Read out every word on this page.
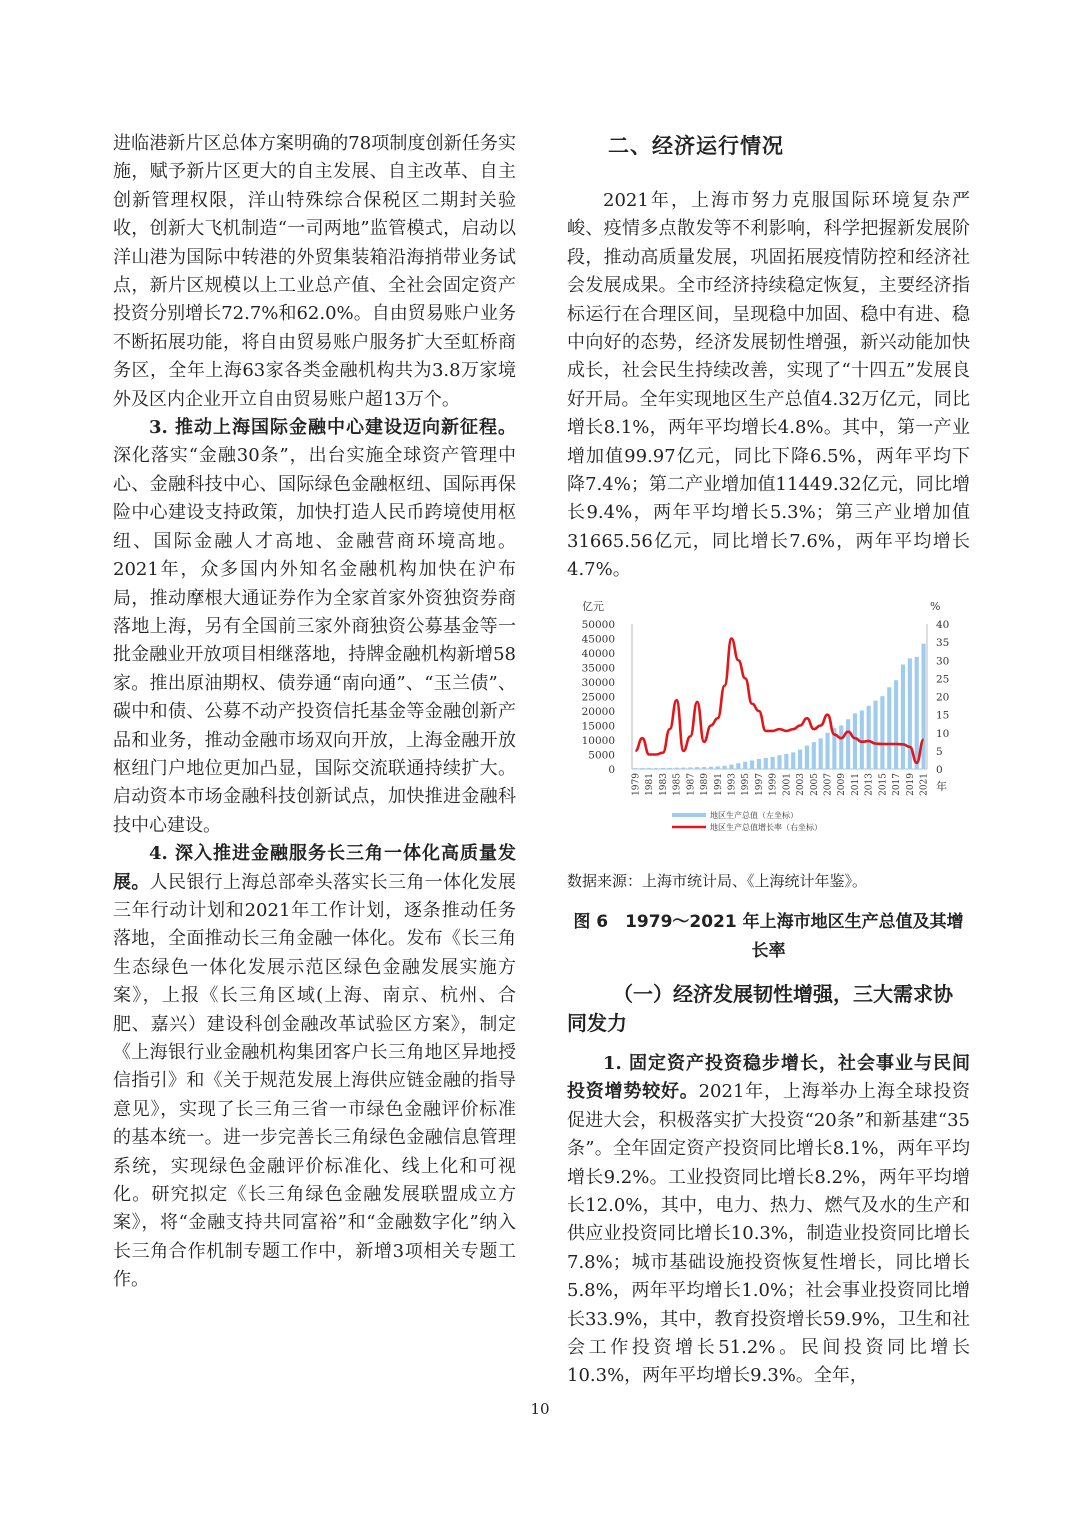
进临港新片区总体方案明确的78项制度创新任务实施，赋予新片区更大的自主发展、自主改革、自主创新管理权限，洋山特殊综合保税区二期封关验收，创新大飞机制造“一司两地”监管模式，启动以洋山港为国际中转港的外贸集装箱沿海捎带业务试点，新片区规模以上工业总产值、全社会固定资产投资分别增长72.7%和62.0%。自由贸易账户业务不断拓展功能，将自由贸易账户服务扩大至虹桥商务区，全年上海63家各类金融机构共为3.8万家境外及区内企业开立自由贸易账户超13万个。

3. 推动上海国际金融中心建设迈向新征程。深化落实“金融30条”，出台实施全球资产管理中心、金融科技中心、国际绿色金融枢纽、国际再保险中心建设支持政策，加快打造人民币跨境使用枢纽、国际金融人才高地、金融营商环境高地。2021年，众多国内外知名金融机构加快在沪布局，推动摩根大通证券作为全家首家外资独资券商落地上海，另有全国前三家外商独资公募基金等一批金融业开放项目相继落地，持牌金融机构新增58家。推出原油期权、债券通“南向通”、“玉兰债”、碳中和债、公募不动产投资信托基金等金融创新产品和业务，推动金融市场双向开放，上海金融开放枢纽门户地位更加凸显，国际交流联通持续扩大。启动资本市场金融科技创新试点，加快推进金融科技中心建设。

4. 深入推进金融服务长三角一体化高质量发展。人民银行上海总部牵头落实长三角一体化发展三年行动计划和2021年工作计划，逐条推动任务落地，全面推动长三角金融一体化。发布《长三角生态绿色一体化发展示范区绿色金融发展实施方案》，上报《长三角区域(上海、南京、杭州、合肥、嘉兴）建设科创金融改革试验区方案》，制定《上海银行业金融机构集团客户长三角地区异地授信指引》和《关于规范发展上海供应链金融的指导意见》，实现了长三角三省一市绿色金融评价标准的基本统一。进一步完善长三角绿色金融信息管理系统，实现绿色金融评价标准化、线上化和可视化。研究拟定《长三角绿色金融发展联盟成立方案》，将“金融支持共同富裕”和“金融数字化”纳入长三角合作机制专题工作中，新增3项相关专题工作。

二、经济运行情况

2021年，上海市努力克服国际环境复杂严峻、疫情多点散发等不利影响，科学把握新发展阶段，推动高质量发展，巩固拓展疫情防控和经济社会发展成果。全市经济持续稳定恢复，主要经济指标运行在合理区间，呈现稳中加固、稳中有进、稳中向好的态势，经济发展韧性增强，新兴动能加快成长，社会民生持续改善，实现了“十四五”发展良好开局。全年实现地区生产总值4.32万亿元，同比增长8.1%，两年平均增长4.8%。其中，第一产业增加值99.97亿元，同比下降6.5%，两年平均下降7.4%；第二产业增加值11449.32亿元，同比增长9.4%，两年平均增长5.3%；第三产业增加值31665.56亿元，同比增长7.6%，两年平均增长4.7%。

亿元	%
0
5000
10000
15000
20000
25000
30000
35000
40000
45000
50000
0
5
10
15
20
25
30
35
40
1979 1981 1983 1985 1987 1989 1991 1993 1995 1997 1999 2001 2003 2005 2007 2009 2011 2013 2015 2017 2019 2021 年
地区生产总值（左坐标）
地区生产总值增长率（右坐标）
数据来源：上海市统计局、《上海统计年鉴》。
图 6　1979～2021 年上海市地区生产总值及其增长率
（一）经济发展韧性增强，三大需求协同发力

1. 固定资产投资稳步增长，社会事业与民间投资增势较好。2021年，上海举办上海全球投资促进大会，积极落实扩大投资“20条”和新基建“35条”。全年固定资产投资同比增长8.1%，两年平均增长9.2%。工业投资同比增长8.2%，两年平均增长12.0%，其中，电力、热力、燃气及水的生产和供应业投资同比增长10.3%，制造业投资同比增长7.8%；城市基础设施投资恢复性增长，同比增长5.8%，两年平均增长1.0%；社会事业投资同比增长33.9%，其中，教育投资增长59.9%，卫生和社会工作投资增长51.2%。民间投资同比增长10.3%，两年平均增长9.3%。全年，

10
